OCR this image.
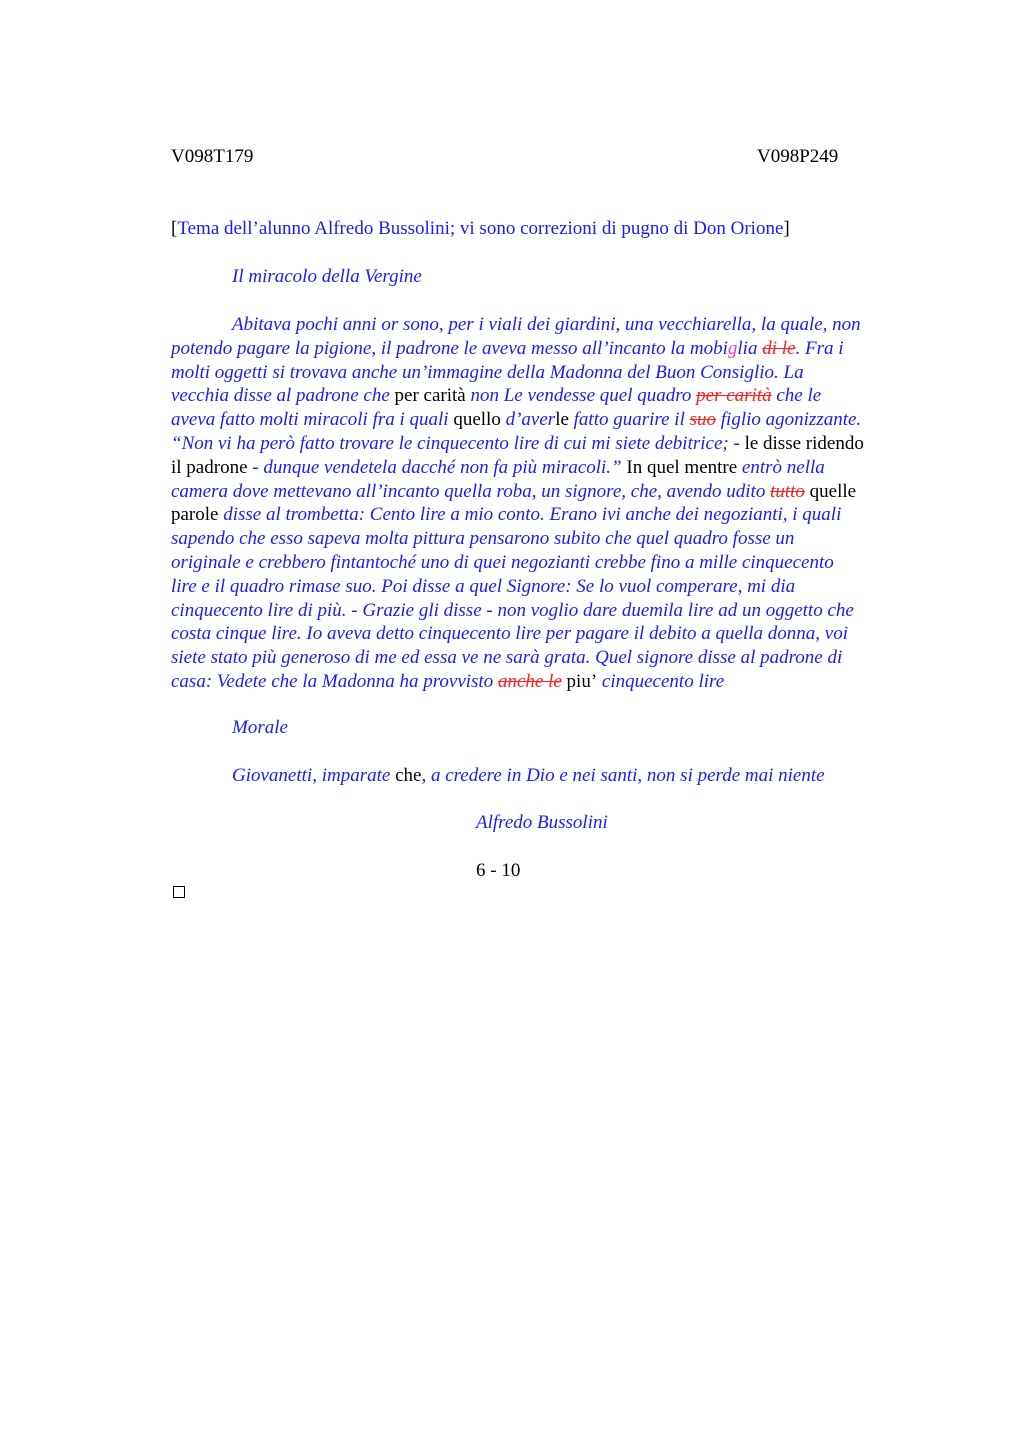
V098T179	V098P249
[Tema dell’alunno Alfredo Bussolini; vi sono correzioni di pugno di Don Orione]
Il miracolo della Vergine
Abitava pochi anni or sono, per i viali dei giardini, una vecchiarella, la quale, non
potendo pagare la pigione, il padrone le aveva messo all’incanto la mobiglia di le. Fra i
molti oggetti si trovava anche un’immagine della Madonna del Buon Consiglio. La
vecchia disse al padrone che per carità non Le vendesse quel quadro per carità che le
aveva fatto molti miracoli fra i quali quello d’averle fatto guarire il suo figlio agonizzante.
“Non vi ha però fatto trovare le cinquecento lire di cui mi siete debitrice; - le disse ridendo
il padrone - dunque vendetela dacché non fa più miracoli.” In quel mentre entrò nella
camera dove mettevano all’incanto quella roba, un signore, che, avendo udito tutto quelle
parole disse al trombetta: Cento lire a mio conto. Erano ivi anche dei negozianti, i quali
sapendo che esso sapeva molta pittura pensarono subito che quel quadro fosse un
originale e crebbero fintantoché uno di quei negozianti crebbe fino a mille cinquecento
lire e il quadro rimase suo. Poi disse a quel Signore: Se lo vuol comperare, mi dia
cinquecento lire di più. - Grazie gli disse - non voglio dare duemila lire ad un oggetto che
costa cinque lire. Io aveva detto cinquecento lire per pagare il debito a quella donna, voi
siete stato più generoso di me ed essa ve ne sarà grata. Quel signore disse al padrone di
casa: Vedete che la Madonna ha provvisto anche le piu’ cinquecento lire
Morale
Giovanetti, imparate che, a credere in Dio e nei santi, non si perde mai niente
Alfredo Bussolini
6 - 10
